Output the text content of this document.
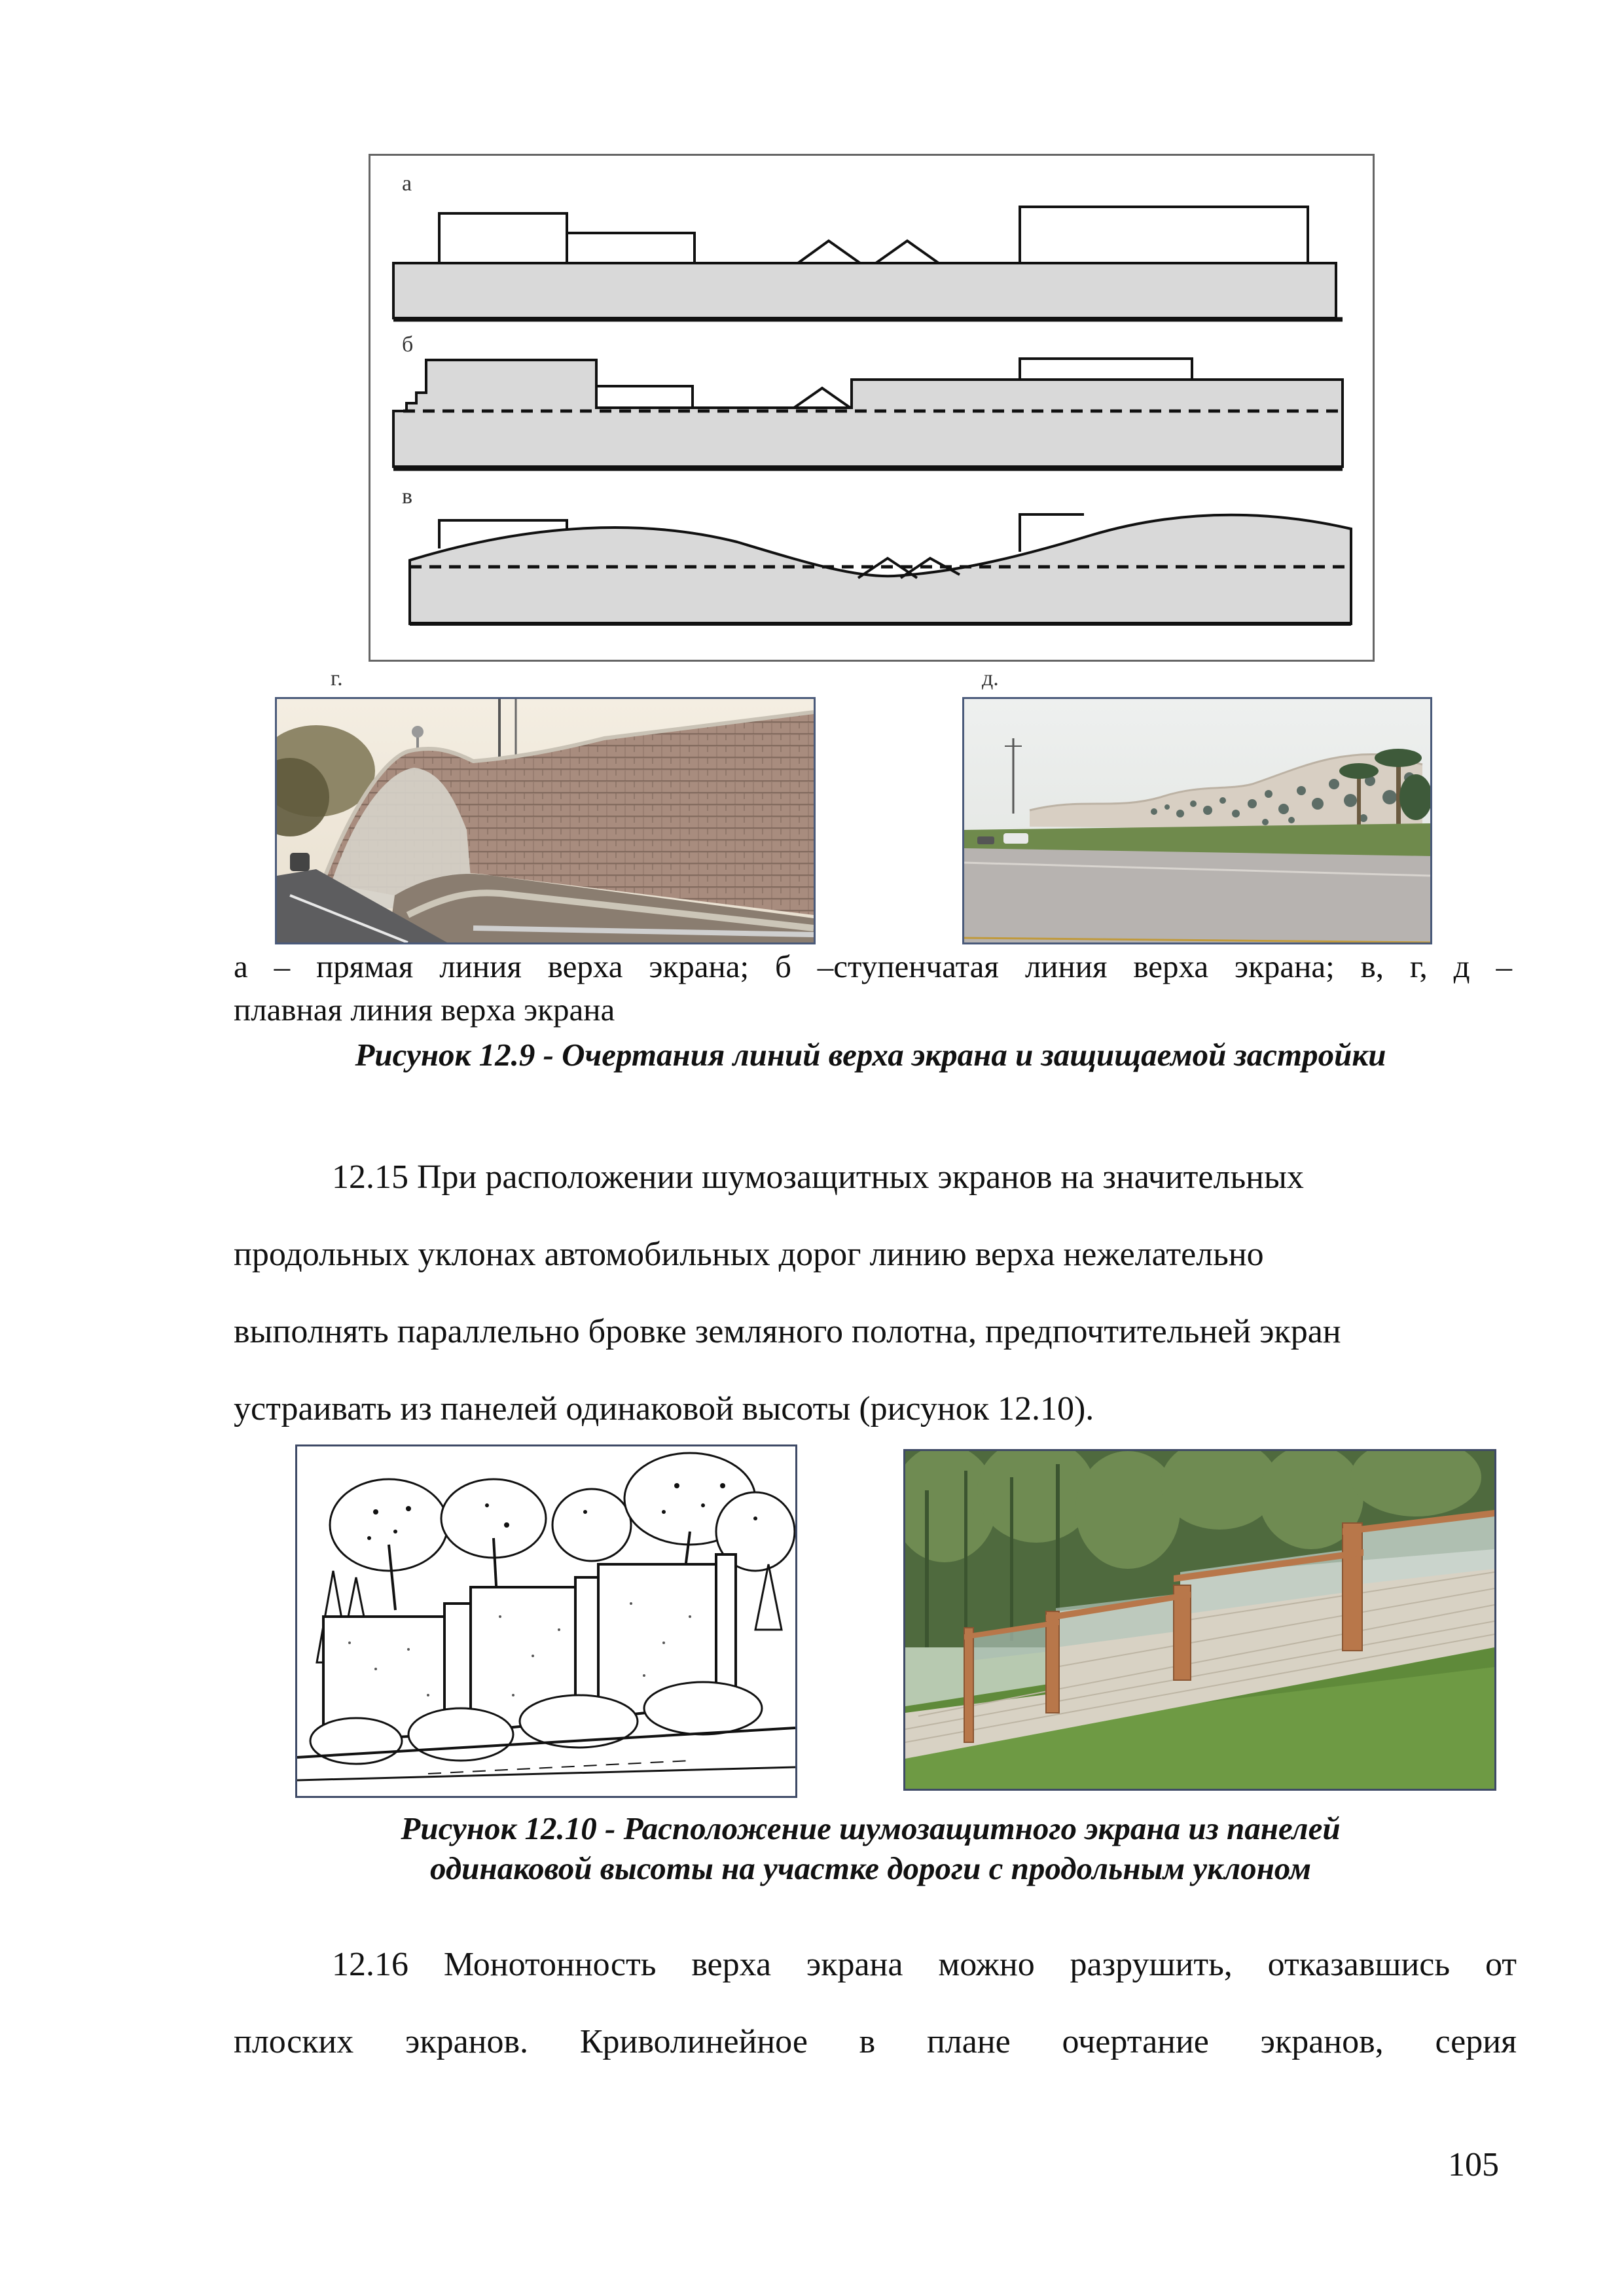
а
б
в
г.	д.
а – прямая линия верха экрана; б –ступенчатая линия верха экрана; в, г, д –
плавная линия верха экрана
Рисунок 12.9 - Очертания линий верха экрана и защищаемой застройки
12.15 При расположении шумозащитных экранов на значительных
продольных уклонах автомобильных дорог линию верха нежелательно
выполнять параллельно бровке земляного полотна, предпочтительней экран
устраивать из панелей одинаковой высоты (рисунок 12.10).
Рисунок 12.10 - Расположение шумозащитного экрана из панелей
одинаковой высоты на участке дороги с продольным уклоном
12.16 Монотонность верха экрана можно разрушить, отказавшись от
плоских экранов. Криволинейное в плане очертание экранов, серия
105
